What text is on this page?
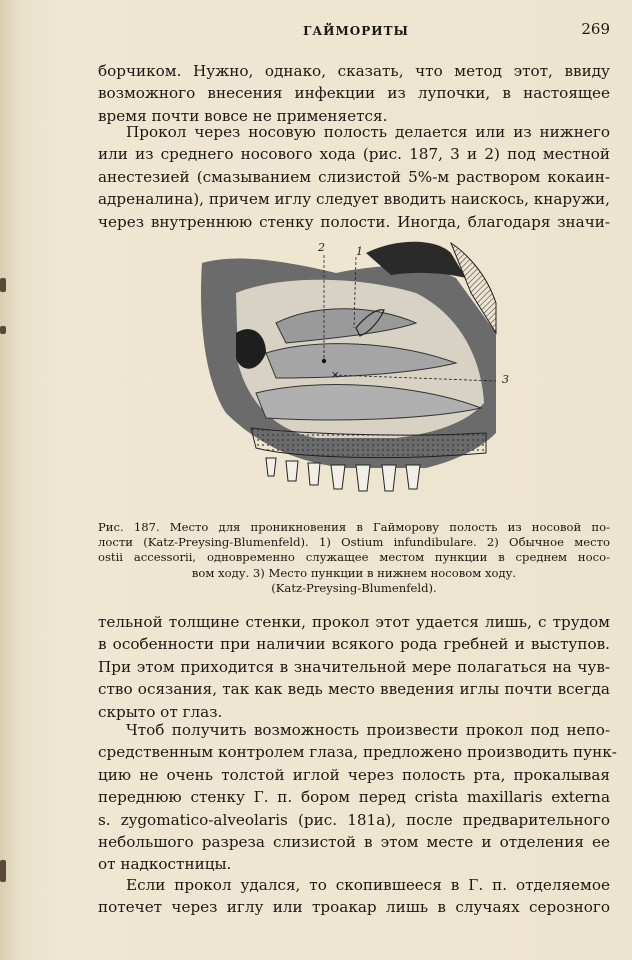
ГАЙМОРИТЫ	269
борчиком. Нужно, однако, сказать, что метод этот, ввиду
возможного внесения инфекции из лупочки, в настоящее
время почти вовсе не применяется.
Прокол через носовую полость делается или из нижнего
или из среднего носового хода (рис. 187, 3 и 2) под местной
анестезией (смазыванием слизистой 5%-м раствором кокаин-
адреналина), причем иглу следует вводить наискось, кнаружи,
через внутреннюю стенку полости. Иногда, благодаря значи-
×
2	1
3
Рис. 187. Место для проникновения в Гайморову полость из носовой по-
лости (Katz-Preysing-Blumenfeld). 1) Ostium infundibulare. 2) Обычное место
ostii accessorii, одновременно служащее местом пункции в среднем носо-
вом ходу. 3) Место пункции в нижнем носовом ходу.
(Katz-Preysing-Blumenfeld).
тельной толщине стенки, прокол этот удается лишь, с трудом
в особенности при наличии всякого рода гребней и выступов.
При этом приходится в значительной мере полагаться на чув-
ство осязания, так как ведь место введения иглы почти всегда
скрыто от глаз.
Чтоб получить возможность произвести прокол под непо-
средственным контролем глаза, предложено производить пунк-
цию не очень толстой иглой через полость рта, прокалывая
переднюю стенку Г. п. бором перед crista maxillaris externa
s. zygomatico-alveolaris (рис. 181а), после предварительного
небольшого разреза слизистой в этом месте и отделения ее
от надкостницы.
Если прокол удался, то скопившееся в Г. п. отделяемое
потечет через иглу или троакар лишь в случаях серозного
